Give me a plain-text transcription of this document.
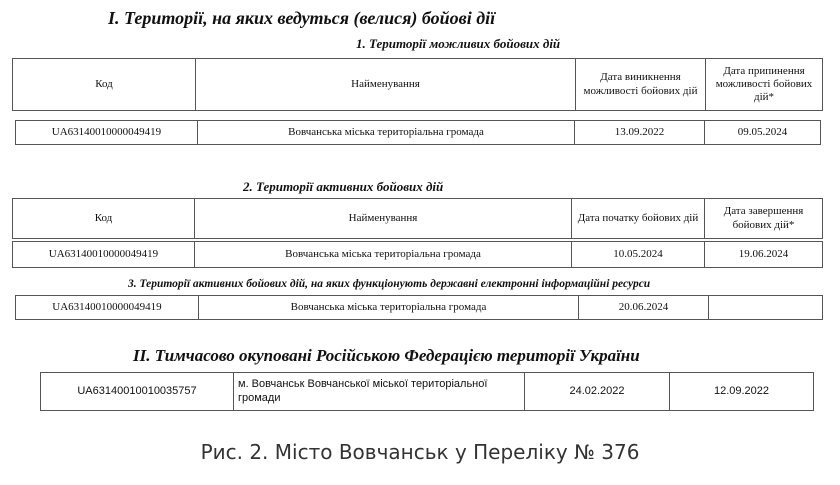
I. Території, на яких ведуться (велися) бойові дії
1. Території можливих бойових дій
Код	Найменування	Дата виникнення можливості бойових дій	Дата припинення можливості бойових дій*
UA63140010000049419	Вовчанська міська територіальна громада	13.09.2022	09.05.2024
2. Території активних бойових дій
Код	Найменування	Дата початку бойових дій	Дата завершення бойових дій*
UA63140010000049419	Вовчанська міська територіальна громада	10.05.2024	19.06.2024
3. Території активних бойових дій, на яких функціонують державні електронні інформаційні ресурси
UA63140010000049419	Вовчанська міська територіальна громада	20.06.2024	
II. Тимчасово окуповані Російською Федерацією території України
UA63140010010035757	м. Вовчанськ Вовчанської міської територіальної громади	24.02.2022	12.09.2022
Рис. 2. Місто Вовчанськ у Переліку № 376
